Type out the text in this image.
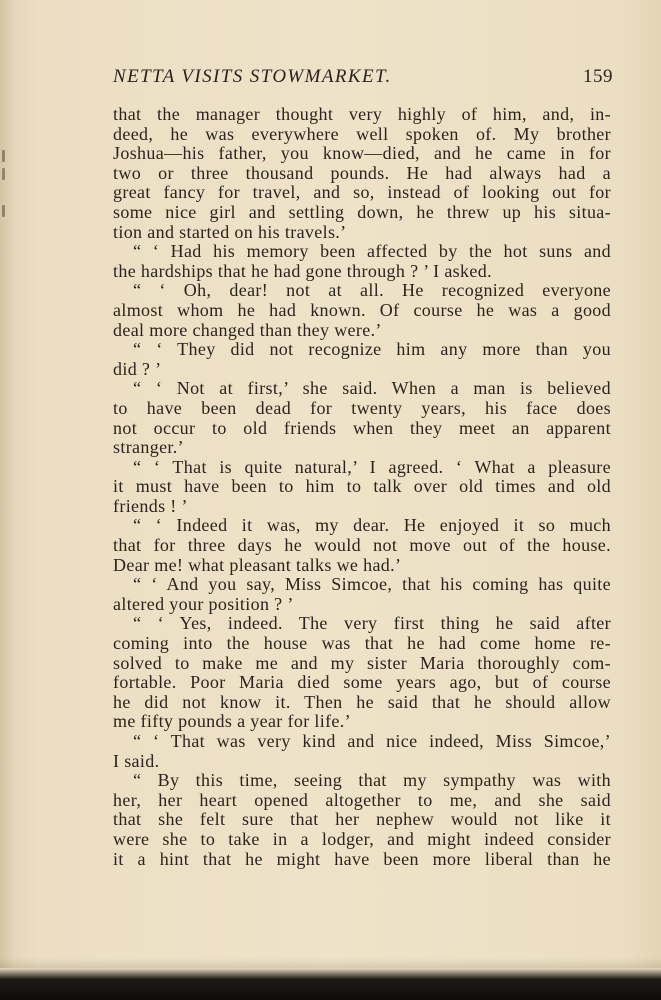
NETTA VISITS STOWMARKET.	159
that the manager thought very highly of him, and, in-
deed, he was everywhere well spoken of. My brother
Joshua—his father, you know—died, and he came in for
two or three thousand pounds. He had always had a
great fancy for travel, and so, instead of looking out for
some nice girl and settling down, he threw up his situa-
tion and started on his travels.’
“ ‘ Had his memory been affected by the hot suns and
the hardships that he had gone through ? ’ I asked.
“ ‘ Oh, dear! not at all. He recognized everyone
almost whom he had known. Of course he was a good
deal more changed than they were.’
“ ‘ They did not recognize him any more than you
did ? ’
“ ‘ Not at first,’ she said. When a man is believed
to have been dead for twenty years, his face does
not occur to old friends when they meet an apparent
stranger.’
“ ‘ That is quite natural,’ I agreed. ‘ What a pleasure
it must have been to him to talk over old times and old
friends ! ’
“ ‘ Indeed it was, my dear. He enjoyed it so much
that for three days he would not move out of the house.
Dear me! what pleasant talks we had.’
“ ‘ And you say, Miss Simcoe, that his coming has quite
altered your position ? ’
“ ‘ Yes, indeed. The very first thing he said after
coming into the house was that he had come home re-
solved to make me and my sister Maria thoroughly com-
fortable. Poor Maria died some years ago, but of course
he did not know it. Then he said that he should allow
me fifty pounds a year for life.’
“ ‘ That was very kind and nice indeed, Miss Simcoe,’
I said.
“ By this time, seeing that my sympathy was with
her, her heart opened altogether to me, and she said
that she felt sure that her nephew would not like it
were she to take in a lodger, and might indeed consider
it a hint that he might have been more liberal than he
